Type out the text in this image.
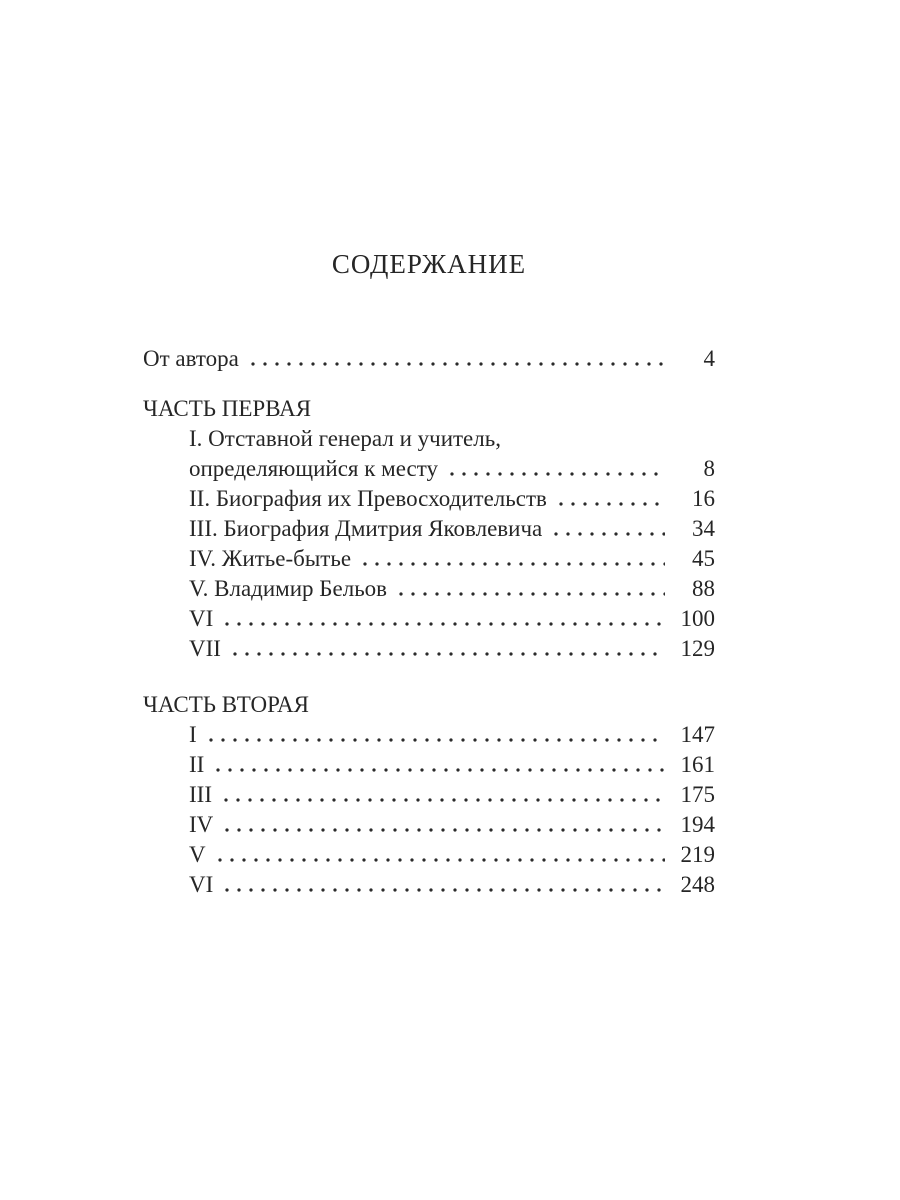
СОДЕРЖАНИЕ
От автора	4
ЧАСТЬ ПЕРВАЯ
I. Отставной генерал и учитель,
определяющийся к месту	8
II. Биография их Превосходительств	16
III. Биография Дмитрия Яковлевича	34
IV. Житье-бытье	45
V. Владимир Бельов	88
VI	100
VII	129
ЧАСТЬ ВТОРАЯ
I	147
II	161
III	175
IV	194
V	219
VI	248
